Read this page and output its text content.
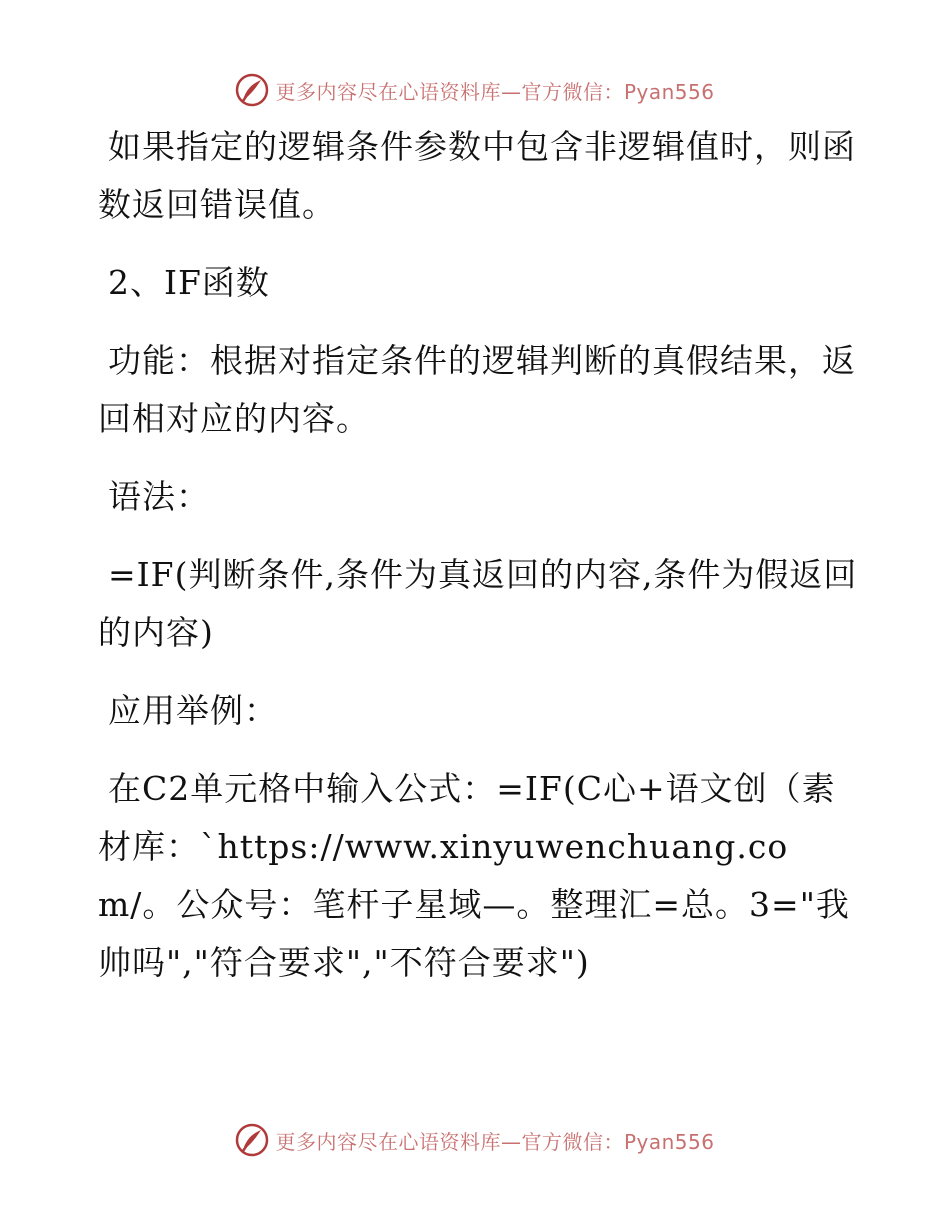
更多内容尽在心语资料库—官方微信：Pyan556

如果指定的逻辑条件参数中包含非逻辑值时，则函数返回错误值。

2、IF函数

功能：根据对指定条件的逻辑判断的真假结果，返回相对应的内容。

语法：

=IF(判断条件,条件为真返回的内容,条件为假返回的内容)

应用举例：

在C2单元格中输入公式：=IF(C心+语文创（素材库：`https://www.xinyuwenchuang.com/。公众号：笔杆子星域—。整理汇=总。3="我帅吗","符合要求","不符合要求")

更多内容尽在心语资料库—官方微信：Pyan556
